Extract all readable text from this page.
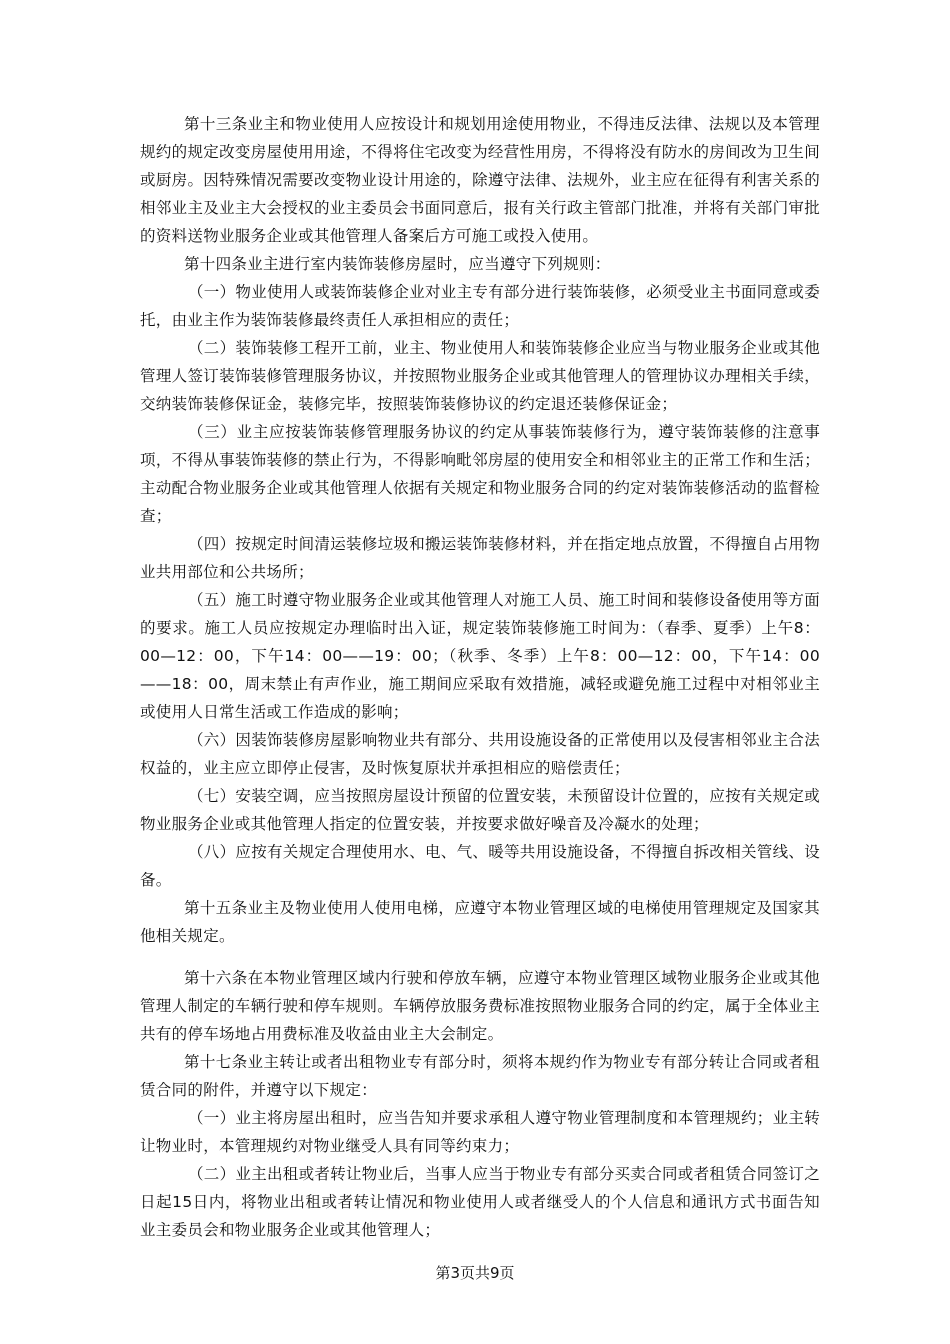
第十三条业主和物业使用人应按设计和规划用途使用物业，不得违反法律、法规以及本管理规约的规定改变房屋使用用途，不得将住宅改变为经营性用房，不得将没有防水的房间改为卫生间或厨房。因特殊情况需要改变物业设计用途的，除遵守法律、法规外，业主应在征得有利害关系的相邻业主及业主大会授权的业主委员会书面同意后，报有关行政主管部门批准，并将有关部门审批的资料送物业服务企业或其他管理人备案后方可施工或投入使用。

第十四条业主进行室内装饰装修房屋时，应当遵守下列规则：

（一）物业使用人或装饰装修企业对业主专有部分进行装饰装修，必须受业主书面同意或委托，由业主作为装饰装修最终责任人承担相应的责任；

（二）装饰装修工程开工前，业主、物业使用人和装饰装修企业应当与物业服务企业或其他管理人签订装饰装修管理服务协议，并按照物业服务企业或其他管理人的管理协议办理相关手续，交纳装饰装修保证金，装修完毕，按照装饰装修协议的约定退还装修保证金；

（三）业主应按装饰装修管理服务协议的约定从事装饰装修行为，遵守装饰装修的注意事项，不得从事装饰装修的禁止行为，不得影响毗邻房屋的使用安全和相邻业主的正常工作和生活；主动配合物业服务企业或其他管理人依据有关规定和物业服务合同的约定对装饰装修活动的监督检查；

（四）按规定时间清运装修垃圾和搬运装饰装修材料，并在指定地点放置，不得擅自占用物业共用部位和公共场所；

（五）施工时遵守物业服务企业或其他管理人对施工人员、施工时间和装修设备使用等方面的要求。施工人员应按规定办理临时出入证，规定装饰装修施工时间为：（春季、夏季）上午8：00—12：00，下午14：00——19：00；（秋季、冬季）上午8：00—12：00，下午14：00——18：00，周末禁止有声作业，施工期间应采取有效措施，减轻或避免施工过程中对相邻业主或使用人日常生活或工作造成的影响；

（六）因装饰装修房屋影响物业共有部分、共用设施设备的正常使用以及侵害相邻业主合法权益的，业主应立即停止侵害，及时恢复原状并承担相应的赔偿责任；

（七）安装空调，应当按照房屋设计预留的位置安装，未预留设计位置的，应按有关规定或物业服务企业或其他管理人指定的位置安装，并按要求做好噪音及冷凝水的处理；

（八）应按有关规定合理使用水、电、气、暖等共用设施设备，不得擅自拆改相关管线、设备。

第十五条业主及物业使用人使用电梯，应遵守本物业管理区域的电梯使用管理规定及国家其他相关规定。

第十六条在本物业管理区域内行驶和停放车辆，应遵守本物业管理区域物业服务企业或其他管理人制定的车辆行驶和停车规则。车辆停放服务费标准按照物业服务合同的约定，属于全体业主共有的停车场地占用费标准及收益由业主大会制定。

第十七条业主转让或者出租物业专有部分时，须将本规约作为物业专有部分转让合同或者租赁合同的附件，并遵守以下规定：

（一）业主将房屋出租时，应当告知并要求承租人遵守物业管理制度和本管理规约；业主转让物业时，本管理规约对物业继受人具有同等约束力；

（二）业主出租或者转让物业后，当事人应当于物业专有部分买卖合同或者租赁合同签订之日起15日内，将物业出租或者转让情况和物业使用人或者继受人的个人信息和通讯方式书面告知业主委员会和物业服务企业或其他管理人；

第3页共9页
